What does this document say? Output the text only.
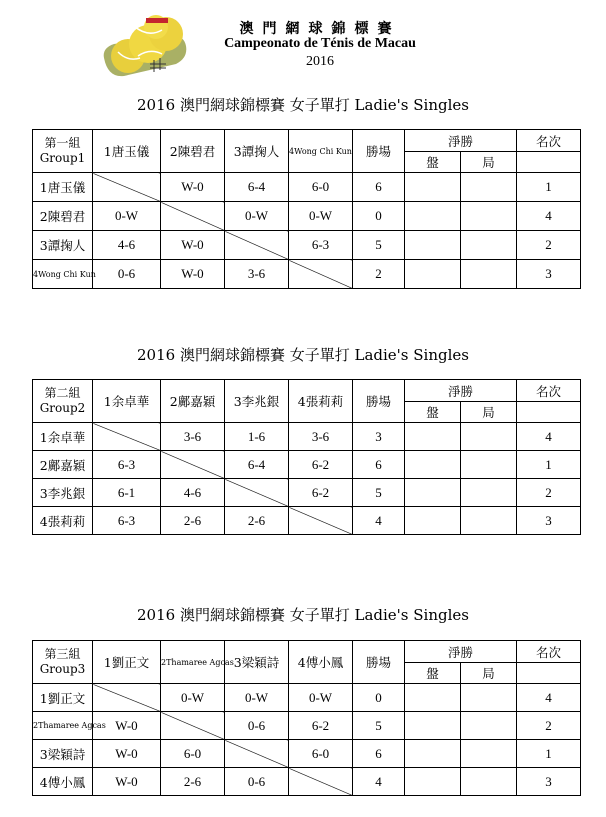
澳門網球錦標賽
Campeonato de Ténis de Macau
2016
2016 澳門網球錦標賽 女子單打 Ladie's Singles
第一組
Group1	1唐玉儀	2陳碧君	3譚掬人	4Wong Chi Kun	勝場	淨勝		名次
						盤	局	
1唐玉儀		W-0	6-4	6-0	6			1
2陳碧君	0-W		0-W	0-W	0			4
3譚掬人	4-6	W-0		6-3	5			2
4Wong Chi Kun	0-6	W-0	3-6		2			3
2016 澳門網球錦標賽 女子單打 Ladie's Singles
第二組
Group2	1余卓華	2鄺嘉穎	3李兆銀	4張莉莉	勝場	淨勝		名次
						盤	局	
1余卓華		3-6	1-6	3-6	3			4
2鄺嘉穎	6-3		6-4	6-2	6			1
3李兆銀	6-1	4-6		6-2	5			2
4張莉莉	6-3	2-6	2-6		4			3
2016 澳門網球錦標賽 女子單打 Ladie's Singles
第三組
Group3	1劉正文	2Thamaree Agcas	3梁穎詩	4傅小鳳	勝場	淨勝		名次
						盤	局	
1劉正文		0-W	0-W	0-W	0			4
2Thamaree Agcas	W-0		0-6	6-2	5			2
3梁穎詩	W-0	6-0		6-0	6			1
4傅小鳳	W-0	2-6	0-6		4			3
